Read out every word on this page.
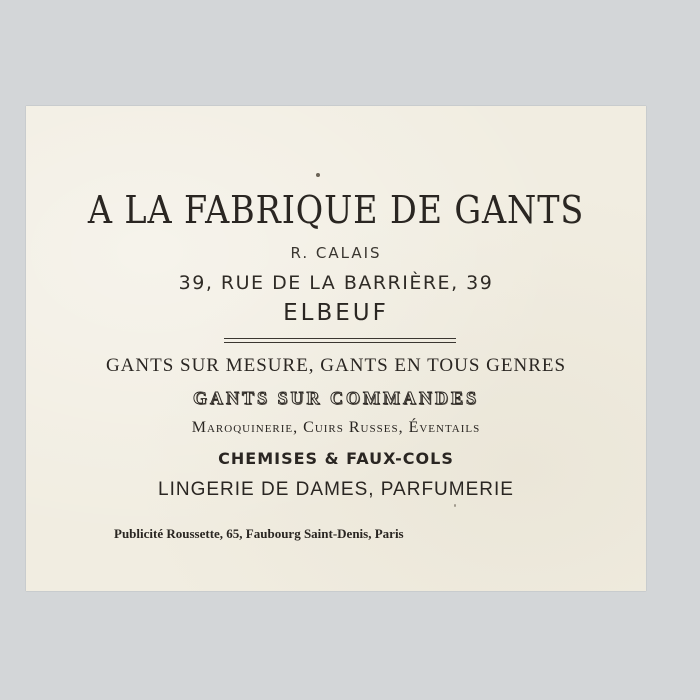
A LA FABRIQUE DE GANTS

R. CALAIS

39, RUE DE LA BARRIÈRE, 39

ELBEUF

GANTS SUR MESURE, GANTS EN TOUS GENRES

GANTS SUR COMMANDES

Maroquinerie, Cuirs Russes, Éventails

CHEMISES & FAUX-COLS

LINGERIE DE DAMES, PARFUMERIE

Publicité Roussette, 65, Faubourg Saint-Denis, Paris
